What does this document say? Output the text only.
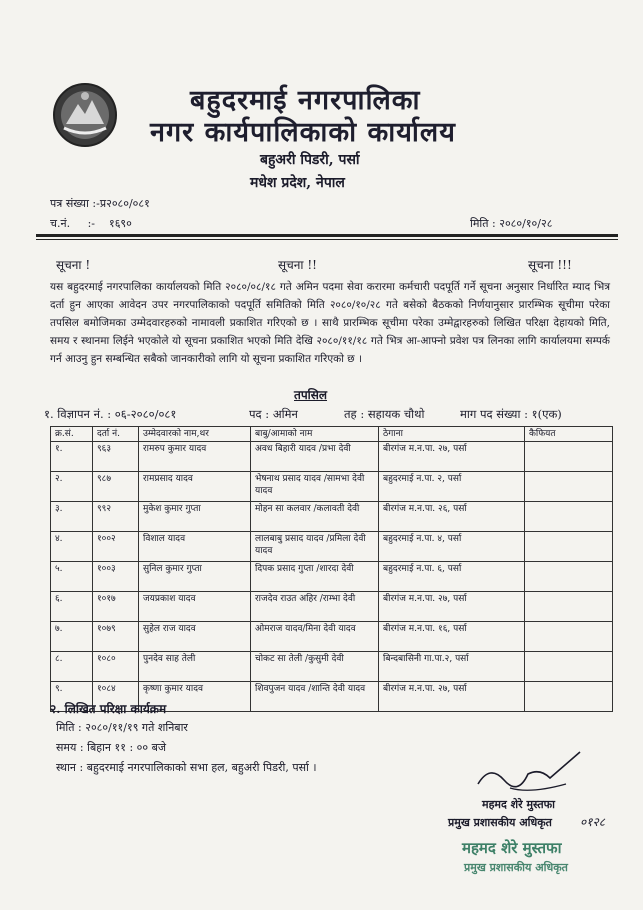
बहुदरमाई नगरपालिका
नगर कार्यपालिकाको कार्यालय
बहुअरी पिडरी, पर्सा
मधेश प्रदेश, नेपाल
पत्र संख्या :-प्र२०८०/०८१
च.नं.     :-    १६९०	मिति : २०८०/१०/२८
सूचना !	सूचना !!	सूचना !!!
यस बहुदरमाई नगरपालिका कार्यालयको मिति २०८०/०८/१८ गते अमिन पदमा सेवा करारमा कर्मचारी पदपूर्ति गर्ने सूचना अनुसार निर्धारित म्याद भित्र दर्ता हुन आएका आवेदन उपर नगरपालिकाको पदपूर्ति समितिको मिति २०८०/१०/२८ गते बसेको बैठकको निर्णयानुसार प्रारम्भिक सूचीमा परेका तपसिल बमोजिमका उम्मेदवारहरुको नामावली प्रकाशित गरिएको छ । साथै प्रारम्भिक सूचीमा परेका उम्मेद्वारहरुको लिखित परिक्षा देहायको मिति, समय र स्थानमा लिईने भएकोले यो सूचना प्रकाशित भएको मिति देखि २०८०/११/१८ गते भित्र आ-आफ्नो प्रवेश पत्र लिनका लागि कार्यालयमा सम्पर्क गर्न आउनु हुन सम्बन्धित सबैको जानकारीको लागि यो सूचना प्रकाशित गरिएको छ ।
तपसिल
१. विज्ञापन नं. : ०६-२०८०/०८१	पद : अमिन	तह : सहायक चौथो	माग पद संख्या : १(एक)
क्र.सं.	दर्ता नं.	उम्मेदवारको नाम,थर	बाबु/आमाको नाम	ठेगाना	कैफियत
१.	९६३	रामरुप कुमार यादव	अवध बिहारी यादव /प्रभा देवी	बीरगंज म.न.पा. २७, पर्सा	
२.	९८७	रामप्रसाद यादव	भेषनाथ प्रसाद यादव /सामभा देवी यादव	बहुदरमाई न.पा. २, पर्सा	
३.	९९२	मुकेश कुमार गुप्ता	मोहन सा कलवार /कलावती देवी	बीरगंज म.न.पा. २६, पर्सा	
४.	१००२	विशाल यादव	लालबाबु प्रसाद यादव /प्रमिला देवी यादव	बहुदरमाई न.पा. ४, पर्सा	
५.	१००३	सुनिल कुमार गुप्ता	दिपक प्रसाद गुप्ता /शारदा देवी	बहुदरमाई न.पा. ६, पर्सा	
६.	१०१७	जयप्रकाश यादव	राजदेव राउत अहिर /राम्भा देवी	बीरगंज म.न.पा. २७, पर्सा	
७.	१०७९	सुहेल राज यादव	ओमराज यादव/मिना देवी यादव	बीरगंज म.न.पा. १६, पर्सा	
८.	१०८०	पुनदेव साह तेली	चोकट सा तेली /कुसुमी देवी	बिन्दबासिनी गा.पा.२, पर्सा	
९.	१०८४	कृष्णा कुमार यादव	शिवपुजन यादव /शान्ति देवी यादव	बीरगंज म.न.पा. २७, पर्सा	
२. लिखित परिक्षा कार्यक्रम
मिति : २०८०/११/१९ गते शनिबार
समय : बिहान ११ : ०० बजे
स्थान : बहुदरमाई नगरपालिकाको सभा हल, बहुअरी पिडरी, पर्सा ।
महमद शेरे मुस्तफा
प्रमुख प्रशासकीय अधिकृत ०१२८
महमद शेरे मुस्तफा
प्रमुख प्रशासकीय अधिकृत
